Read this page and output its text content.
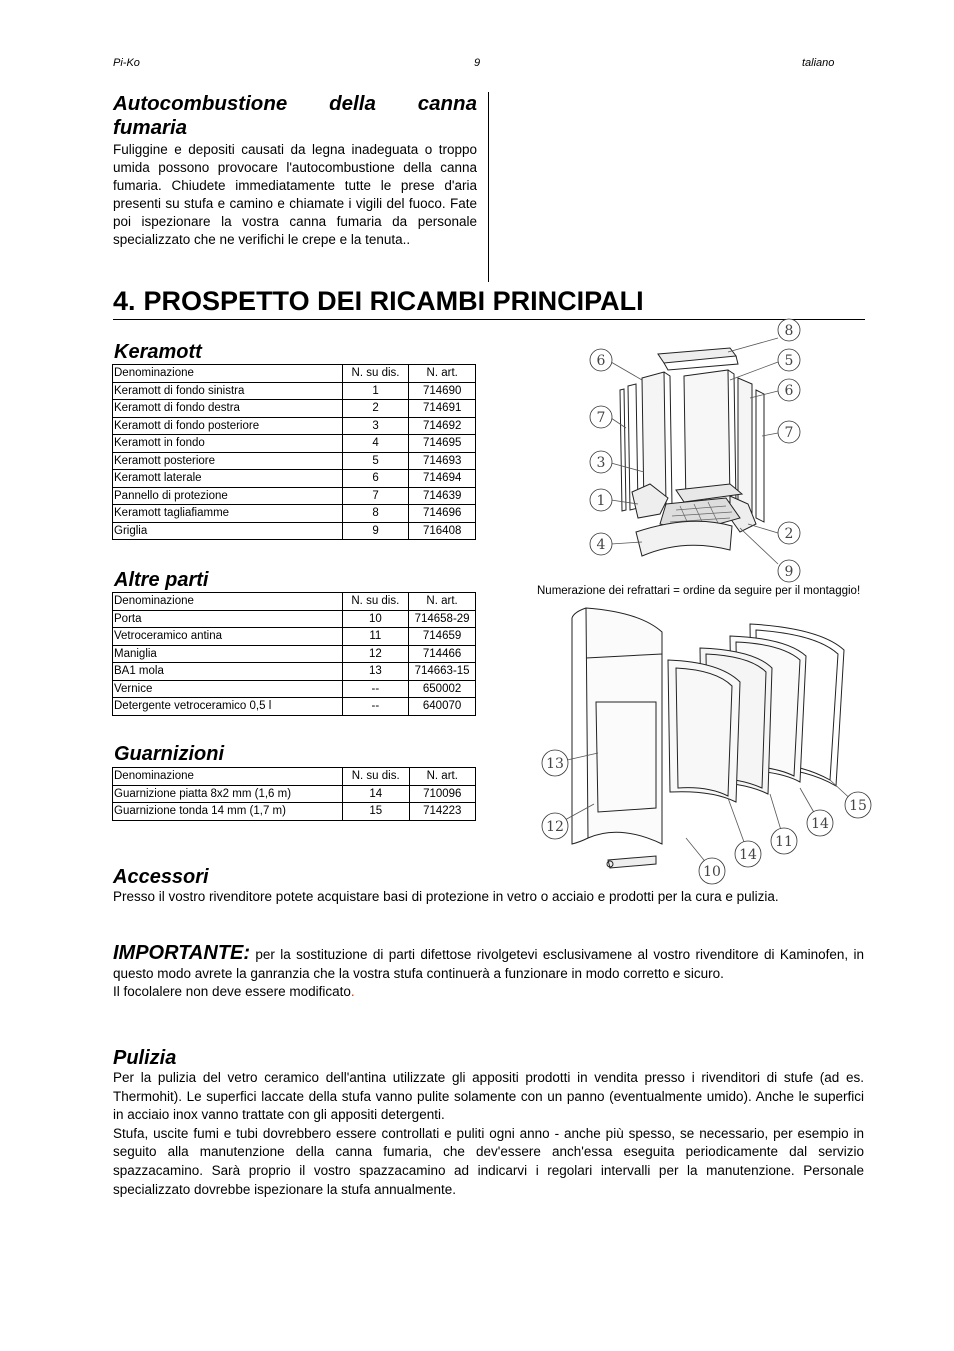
Pi-Ko	9	taliano
Autocombustione della canna fumaria

Fuliggine e depositi causati da legna inadeguata o troppo umida possono provocare l'autocombustione della canna fumaria. Chiudete immediatamente tutte le prese d'aria presenti su stufa e camino e chiamate i vigili del fuoco. Fate poi ispezionare la vostra canna fumaria da personale specializzato che ne verifichi le crepe e la tenuta..

4. PROSPETTO DEI RICAMBI PRINCIPALI
Keramott
Denominazione	N. su dis.	N. art.
Keramott di fondo sinistra	1	714690
Keramott di fondo destra	2	714691
Keramott di fondo posteriore	3	714692
Keramott in fondo	4	714695
Keramott posteriore	5	714693
Keramott laterale	6	714694
Pannello di protezione	7	714639
Keramott tagliafiamme	8	714696
Griglia	9	716408
Altre parti
Denominazione	N. su dis.	N. art.
Porta	10	714658-29
Vetroceramico antina	11	714659
Maniglia	12	714466
BA1 mola	13	714663-15
Vernice	--	650002
Detergente vetroceramico 0,5 l	--	640070
Guarnizioni
Denominazione	N. su dis.	N. art.
Guarnizione piatta 8x2 mm (1,6 m)	14	710096
Guarnizione tonda 14 mm (1,7 m)	15	714223
8
6	5
6
7
7
3
1
2
4
9
Numerazione dei refrattari = ordine da seguire per il montaggio!
13
12
10
14
11
14
15
Accessori

Presso il vostro rivenditore potete acquistare basi di protezione in vetro o acciaio e prodotti per la cura e pulizia.

IMPORTANTE: per la sostituzione di parti difettose rivolgetevi esclusivamene al vostro rivenditore di Kaminofen, in questo modo avrete la ganranzia che la vostra stufa continuerà a funzionare in modo corretto e sicuro.

Il focolalere non deve essere modificato.

Pulizia

Per la pulizia del vetro ceramico dell'antina utilizzate gli appositi prodotti in vendita presso i rivenditori di stufe (ad es. Thermohit). Le superfici laccate della stufa vanno pulite solamente con un panno (eventualmente umido). Anche le superfici in acciaio inox vanno trattate con gli appositi detergenti.

Stufa, uscite fumi e tubi dovrebbero essere controllati e puliti ogni anno - anche più spesso, se necessario, per esempio in seguito alla manutenzione della canna fumaria, che dev'essere anch'essa eseguita periodicamente dal servizio spazzacamino. Sarà proprio il vostro spazzacamino ad indicarvi i regolari intervalli per la manutenzione. Personale specializzato dovrebbe ispezionare la stufa annualmente.
